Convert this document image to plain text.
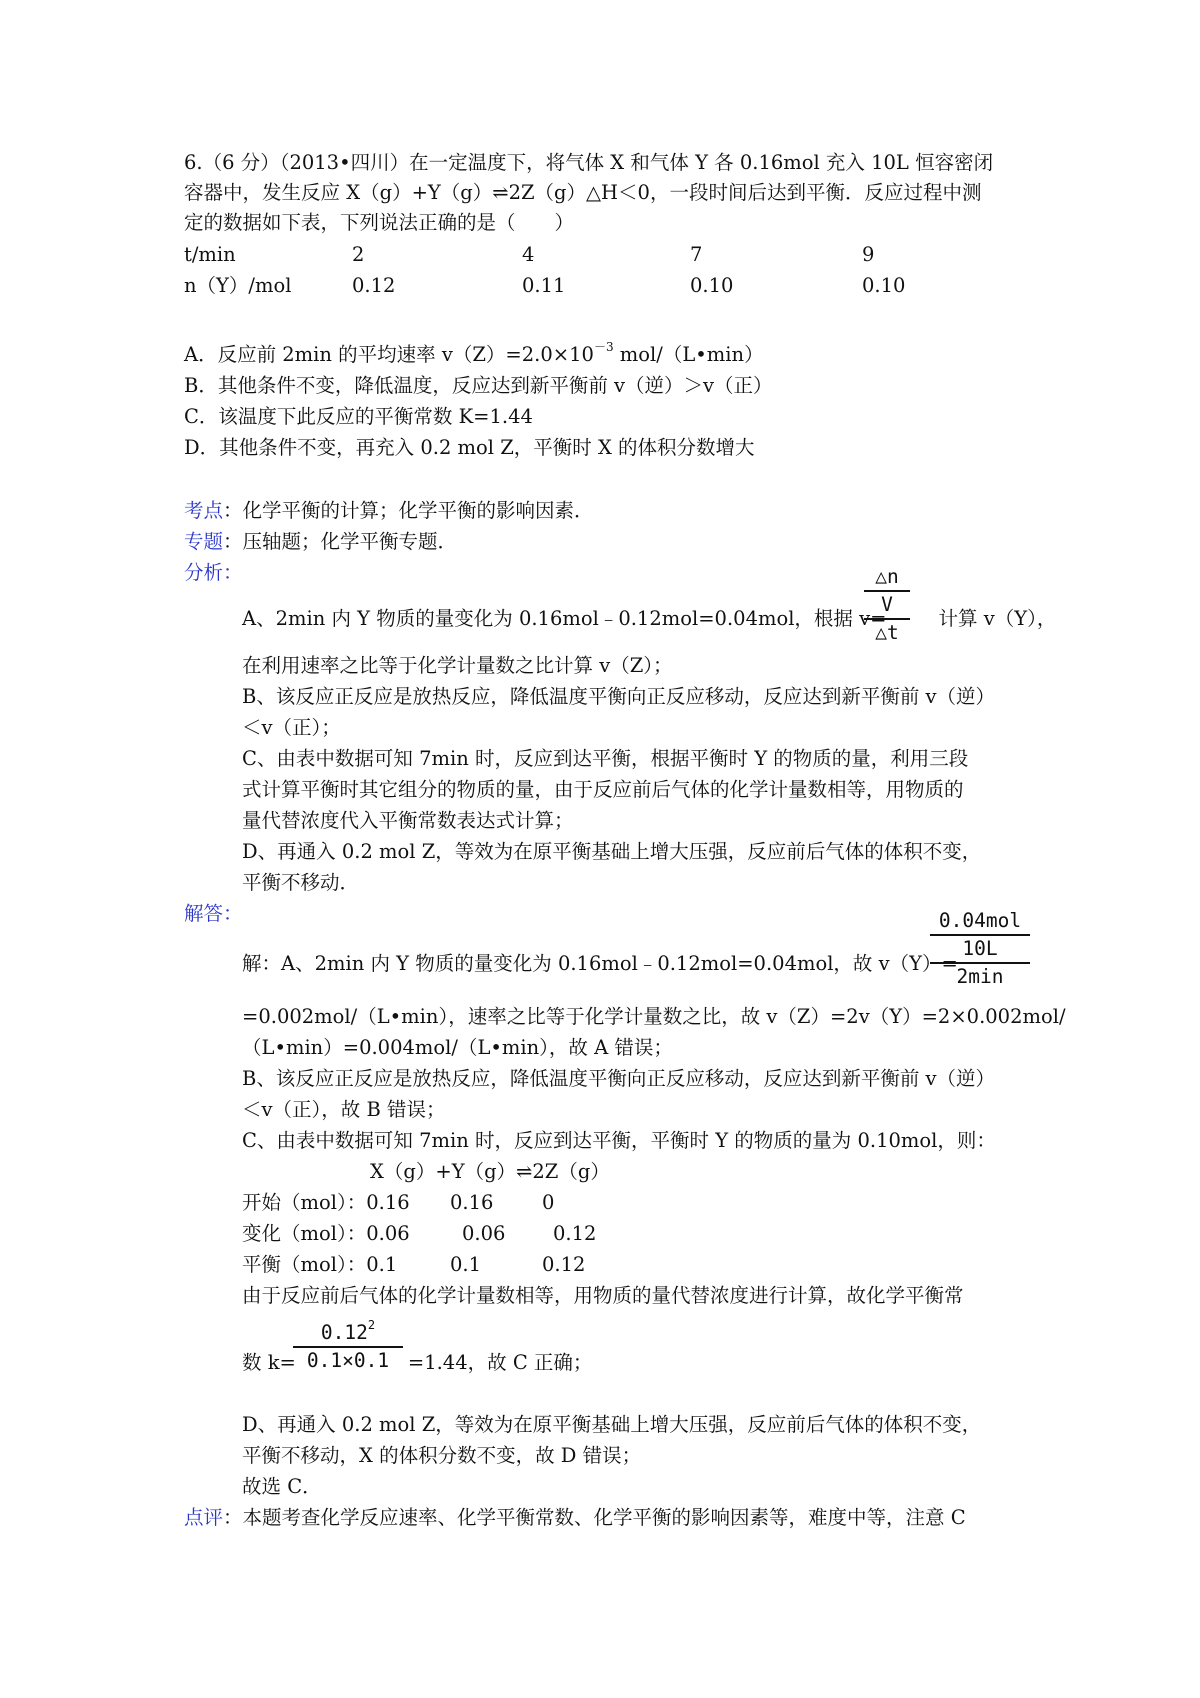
6.（6 分）（2013•四川）在一定温度下，将气体 X 和气体 Y 各 0.16mol 充入 10L 恒容密闭
容器中，发生反应 X（g）+Y（g）⇌2Z（g）△H＜0，一段时间后达到平衡．反应过程中测
定的数据如下表，下列说法正确的是（　　）
t/min	2	4	7	9
n（Y）/mol	0.12	0.11	0.10	0.10
A．反应前 2min 的平均速率 $v(Z)=2.0\times 10^{-3}$ mol/（L•min）
B．其他条件不变，降低温度，反应达到新平衡前 v（逆）＞v（正）
C．该温度下此反应的平衡常数 K=1.44
D．其他条件不变，再充入 0.2 mol Z，平衡时 X 的体积分数增大
考点：化学平衡的计算；化学平衡的影响因素．
专题：压轴题；化学平衡专题．
分析：
A、2min 内 Y 物质的量变化为 0.16mol﹣0.12mol=0.04mol，根据 v=	计算 v（Y），
△n
V
△t
在利用速率之比等于化学计量数之比计算 v（Z）；
B、该反应正反应是放热反应，降低温度平衡向正反应移动，反应达到新平衡前 v（逆）
＜v（正）；
C、由表中数据可知 7min 时，反应到达平衡，根据平衡时 Y 的物质的量，利用三段
式计算平衡时其它组分的物质的量，由于反应前后气体的化学计量数相等，用物质的
量代替浓度代入平衡常数表达式计算；
D、再通入 0.2 mol Z，等效为在原平衡基础上增大压强，反应前后气体的体积不变，
平衡不移动．
解答：
解：A、2min 内 Y 物质的量变化为 0.16mol﹣0.12mol=0.04mol，故 v（Y）=
0.04mol
10L
2min
=0.002mol/（L•min），速率之比等于化学计量数之比，故 v（Z）=2v（Y）=2×0.002mol/
（L•min）=0.004mol/（L•min），故 A 错误；
B、该反应正反应是放热反应，降低温度平衡向正反应移动，反应达到新平衡前 v（逆）
＜v（正），故 B 错误；
C、由表中数据可知 7min 时，反应到达平衡，平衡时 Y 的物质的量为 0.10mol，则：
X（g）+Y（g）⇌2Z（g）
开始（mol）：0.16 0.16 0
变化（mol）：0.06	0.06 0.12
平衡（mol）：0.1	0.1	0.12
由于反应前后气体的化学计量数相等，用物质的量代替浓度进行计算，故化学平衡常
数 k=	=1.44，故 C 正确；
0.12$^2$
0.1×0.1
D、再通入 0.2 mol Z，等效为在原平衡基础上增大压强，反应前后气体的体积不变，
平衡不移动，X 的体积分数不变，故 D 错误；
故选 C．
点评：本题考查化学反应速率、化学平衡常数、化学平衡的影响因素等，难度中等，注意 C
